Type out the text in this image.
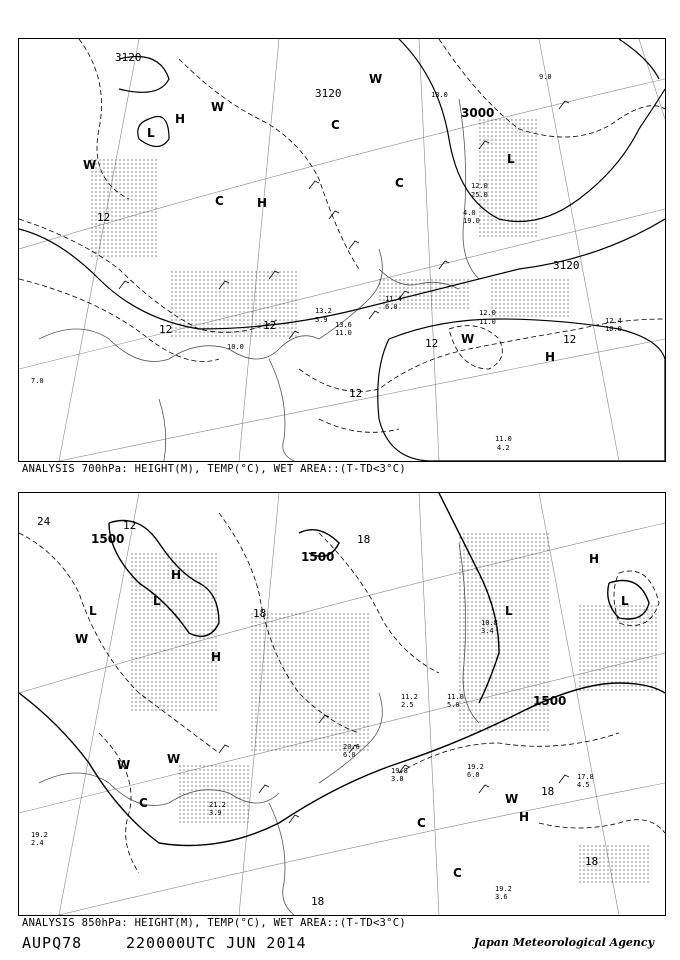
3120
3120
3000
3120
12
12	12
12	12
12
L
L
H
H
H
C
C
C
W
W
W
W
11.0
4.2
12.0
11.0	12.4
10.0
13.2
5.9
13.6
11.0
11.4
6.0
4.0
19.0
25.0
12.0
10.0
7.0
9.0
13.0
ANALYSIS 700hPa: HEIGHT(M), TEMP(°C), WET AREA::(T-TD<3°C)
1500
1500
1500
24	12
18
18
18
18
18
L
L
L
L
H
H
H
H
C
C
C
W
W	W
W
19.8
3.8
19.2
6.0	17.8
4.5
19.2
3.6
19.2
2.4
20.6
6.0
21.2
3.9
10.8
3.4
11.2
2.5
11.0
5.0
ANALYSIS 850hPa: HEIGHT(M), TEMP(°C), WET AREA::(T-TD<3°C)
AUPQ78	220000UTC JUN 2014	Japan Meteorological Agency
